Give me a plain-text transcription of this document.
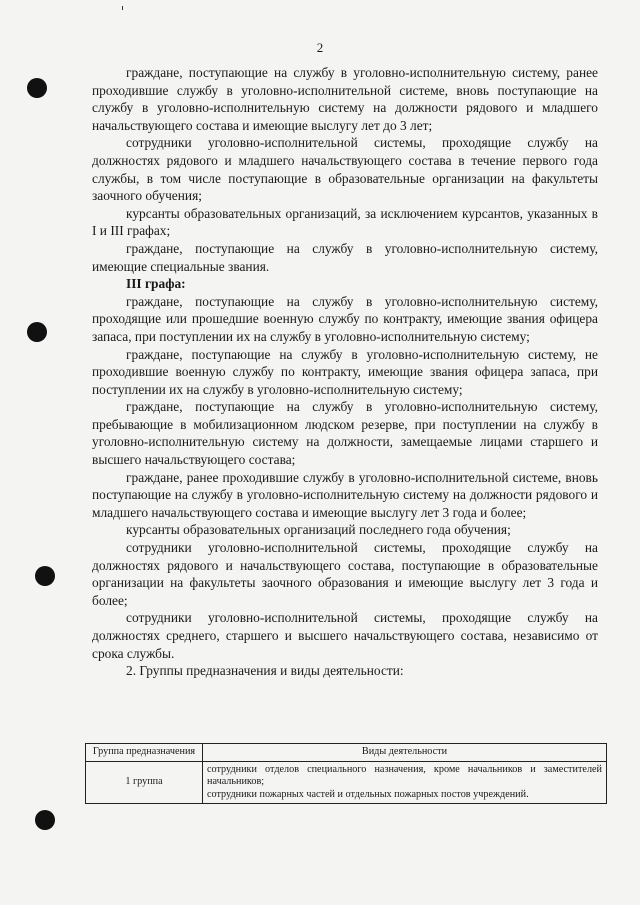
2

граждане, поступающие на службу в уголовно-исполнительную систему, ранее проходившие службу в уголовно-исполнительной системе, вновь поступающие на службу в уголовно-исполнительную систему на должности рядового и младшего начальствующего состава и имеющие выслугу лет до 3 лет;

сотрудники уголовно-исполнительной системы, проходящие службу на должностях рядового и младшего начальствующего состава в течение первого года службы, в том числе поступающие в образовательные организации на факультеты заочного обучения;

курсанты образовательных организаций, за исключением курсантов, указанных в I и III графах;

граждане, поступающие на службу в уголовно-исполнительную систему, имеющие специальные звания.

III графа:

граждане, поступающие на службу в уголовно-исполнительную систему, проходящие или прошедшие военную службу по контракту, имеющие звания офицера запаса, при поступлении их на службу в уголовно-исполнительную систему;

граждане, поступающие на службу в уголовно-исполнительную систему, не проходившие военную службу по контракту, имеющие звания офицера запаса, при поступлении их на службу в уголовно-исполнительную систему;

граждане, поступающие на службу в уголовно-исполнительную систему, пребывающие в мобилизационном людском резерве, при поступлении на службу в уголовно-исполнительную систему на должности, замещаемые лицами старшего и высшего начальствующего состава;

граждане, ранее проходившие службу в уголовно-исполнительной системе, вновь поступающие на службу в уголовно-исполнительную систему на должности рядового и младшего начальствующего состава и имеющие выслугу лет 3 года и более;

курсанты образовательных организаций последнего года обучения;

сотрудники уголовно-исполнительной системы, проходящие службу на должностях рядового и начальствующего состава, поступающие в образовательные организации на факультеты заочного образования и имеющие выслугу лет 3 года и более;

сотрудники уголовно-исполнительной системы, проходящие службу на должностях среднего, старшего и высшего начальствующего состава, независимо от срока службы.

2. Группы предназначения и виды деятельности:

Группа предназначения	Виды деятельности
1 группа	сотрудники отделов специального назначения, кроме начальников и заместителей начальников;
сотрудники пожарных частей и отдельных пожарных постов учреждений.
